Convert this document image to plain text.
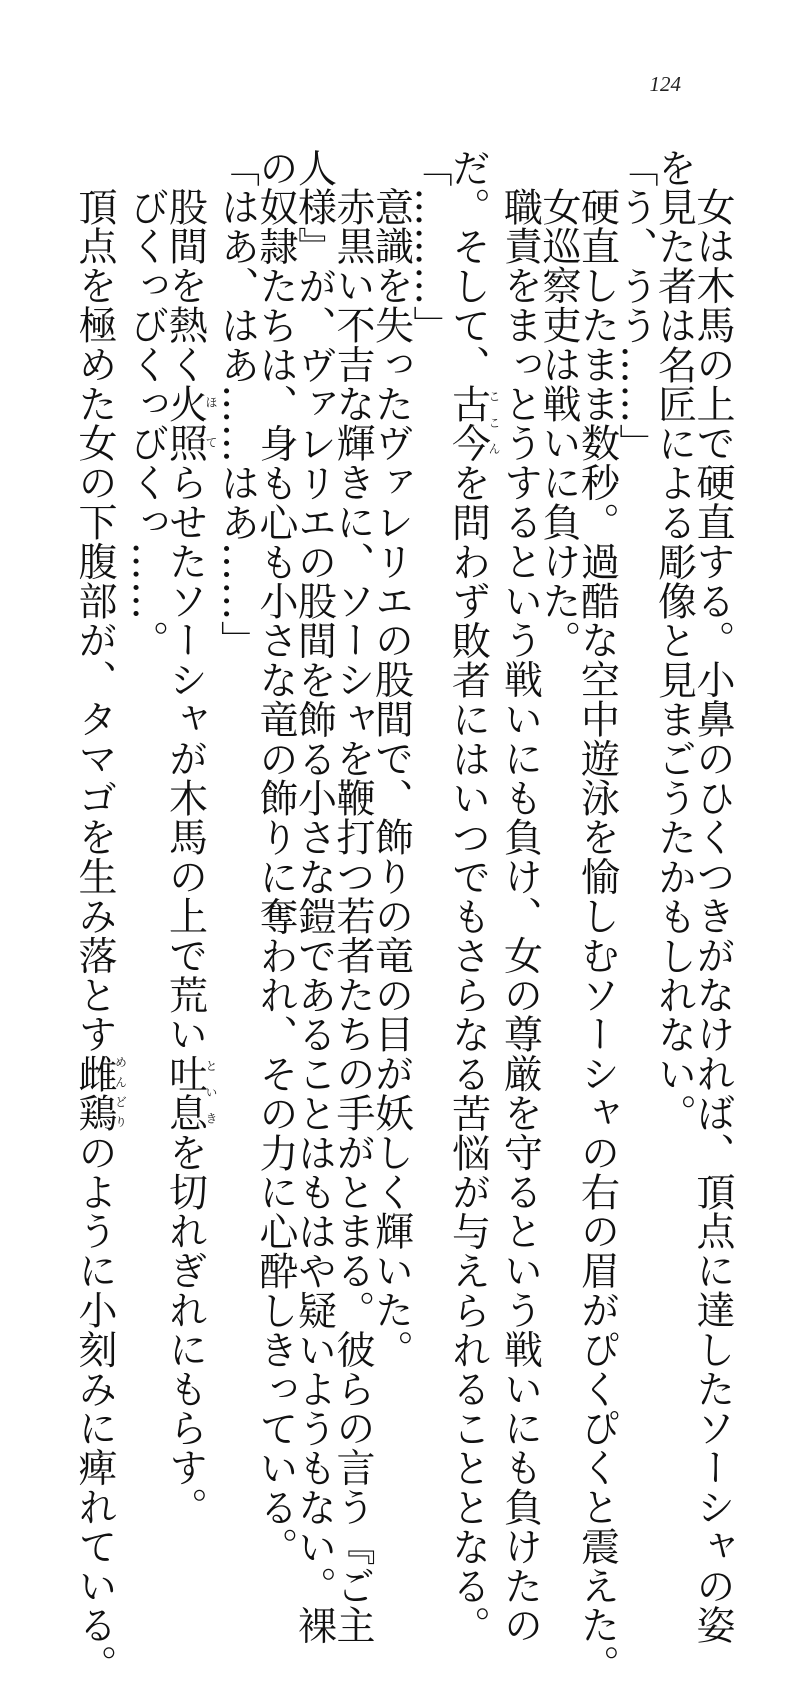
124
女は木馬の上で硬直する。小鼻のひくつきがなければ、頂点に達したソーシャの姿
を見た者は名匠による彫像と見まごうたかもしれない。
「う、うう……」
硬直したまま数秒。過酷な空中遊泳を愉しむソーシャの右の眉がぴくぴくと震えた。
女巡察吏は戦いに負けた。
職責をまっとうするという戦いにも負け、女の尊厳を守るという戦いにも負けたの
だ。そして、古今ここんを問わず敗者にはいつでもさらなる苦悩が与えられることとなる。
「………」
意識を失ったヴァレリエの股間で、飾りの竜の目が妖しく輝いた。
赤黒い不吉な輝きに、ソーシャを鞭打つ若者たちの手がとまる。彼らの言う『ご主
人様』が、ヴァレリエの股間を飾る小さな鎧であることはもはや疑いようもない。裸
の奴隷たちは、身も心も小さな竜の飾りに奪われ、その力に心酔しきっている。
「はあ、はあ……はあ……」
股間を熱く火照ほてらせたソーシャが木馬の上で荒い吐息といきを切れぎれにもらす。
びくっびくっびくっ……。
頂点を極めた女の下腹部が、タマゴを生み落とす雌鶏めんどりのように小刻みに痺れている。
